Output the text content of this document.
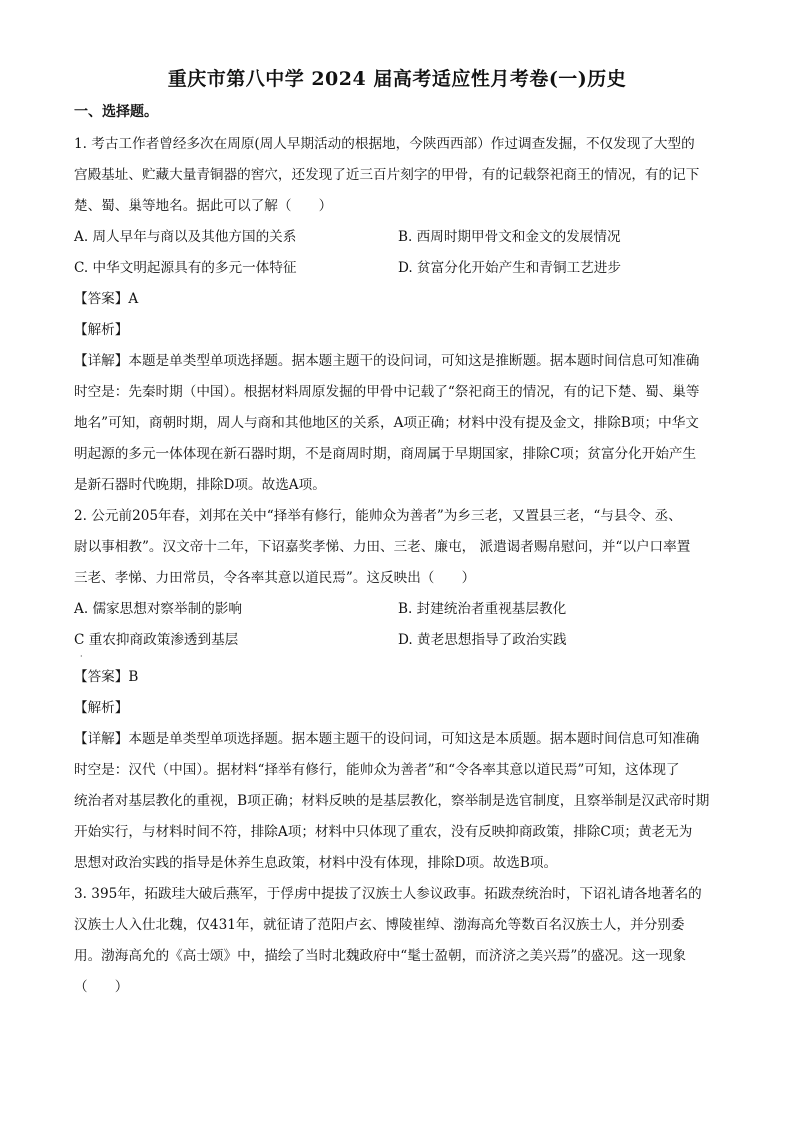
重庆市第八中学 2024 届高考适应性月考卷(一)历史
一、选择题。

1. 考古工作者曾经多次在周原(周人早期活动的根据地，今陕西西部）作过调查发掘，不仅发现了大型的

宫殿基址、贮藏大量青铜器的窖穴，还发现了近三百片刻字的甲骨，有的记载祭祀商王的情况，有的记下

楚、蜀、巢等地名。据此可以了解（　　）

A. 周人早年与商以及其他方国的关系	B. 西周时期甲骨文和金文的发展情况
C. 中华文明起源具有的多元一体特征	D. 贫富分化开始产生和青铜工艺进步

【答案】A

【解析】

【详解】本题是单类型单项选择题。据本题主题干的设问词，可知这是推断题。据本题时间信息可知准确

时空是：先秦时期（中国）。根据材料周原发掘的甲骨中记载了“祭祀商王的情况，有的记下楚、蜀、巢等

地名”可知，商朝时期，周人与商和其他地区的关系，A项正确；材料中没有提及金文，排除B项；中华文

明起源的多元一体体现在新石器时期，不是商周时期，商周属于早期国家，排除C项；贫富分化开始产生

是新石器时代晚期，排除D项。故选A项。

2. 公元前205年春，刘邦在关中“择举有修行，能帅众为善者”为乡三老，又置县三老，“与县令、丞、

尉以事相教”。汉文帝十二年，下诏嘉奖孝悌、力田、三老、廉屯， 派遣谒者赐帛慰问，并“以户口率置

三老、孝悌、力田常员，令各率其意以道民焉”。这反映出（　　）

A. 儒家思想对察举制的影响	B. 封建统治者重视基层教化
C 重农抑商政策渗透到基层	D. 黄老思想指导了政治实践
·

【答案】B

【解析】

【详解】本题是单类型单项选择题。据本题主题干的设问词，可知这是本质题。据本题时间信息可知准确

时空是：汉代（中国）。据材料“择举有修行，能帅众为善者”和“令各率其意以道民焉”可知，这体现了

统治者对基层教化的重视，B项正确；材料反映的是基层教化，察举制是选官制度，且察举制是汉武帝时期

开始实行，与材料时间不符，排除A项；材料中只体现了重农，没有反映抑商政策，排除C项；黄老无为

思想对政治实践的指导是休养生息政策，材料中没有体现，排除D项。故选B项。

3. 395年，拓跋珪大破后燕军，于俘虏中提拔了汉族士人参议政事。拓跋焘统治时，下诏礼请各地著名的

汉族士人入仕北魏，仅431年，就征请了范阳卢玄、博陵崔绰、渤海高允等数百名汉族士人，并分别委

用。渤海高允的《高士颂》中，描绘了当时北魏政府中“髦士盈朝，而济济之美兴焉”的盛况。这一现象

（　　）
